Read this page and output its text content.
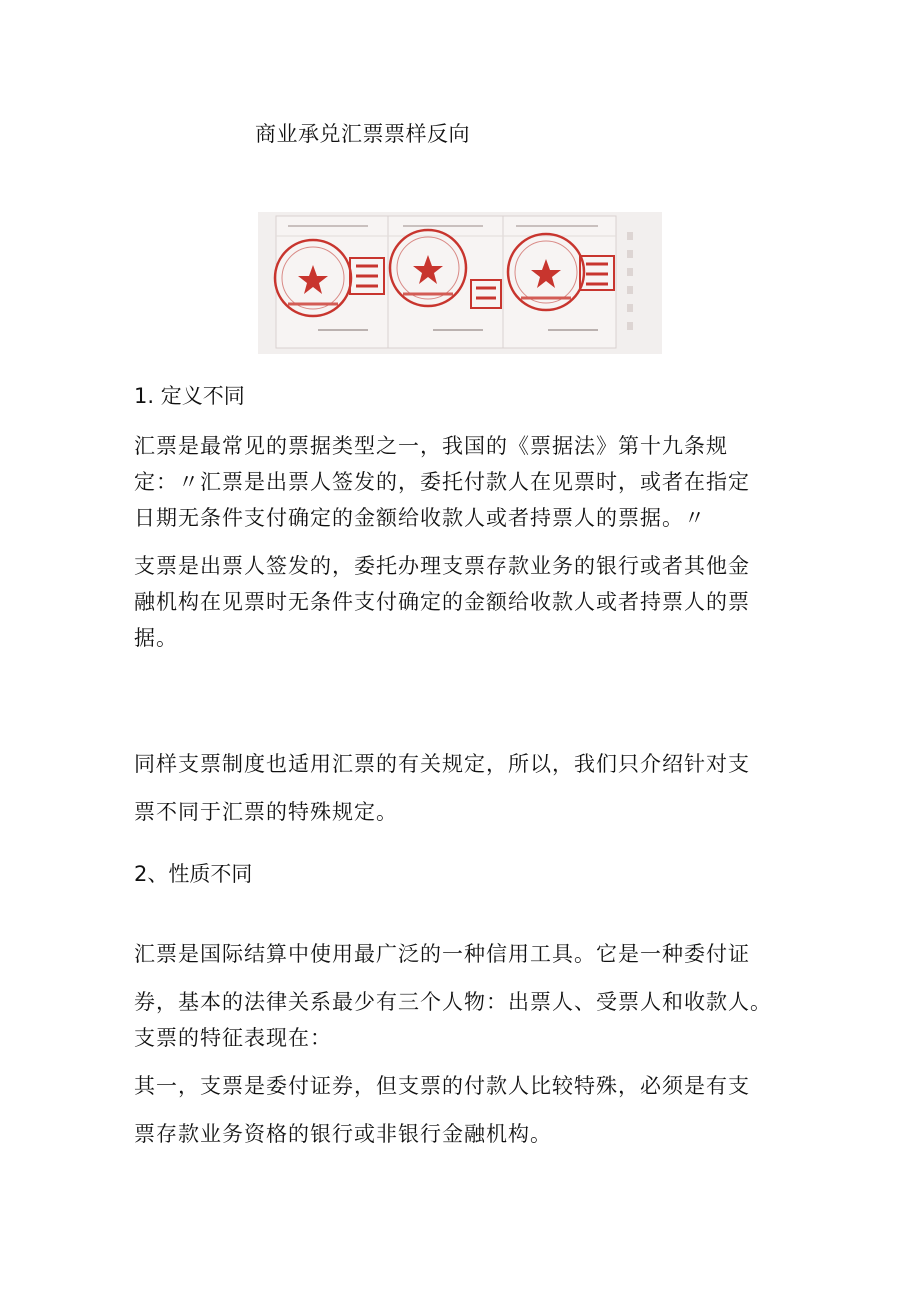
商业承兑汇票票样反向
1. 定义不同
汇票是最常见的票据类型之一，我国的《票据法》第十九条规
定：〃汇票是出票人签发的，委托付款人在见票时，或者在指定
日期无条件支付确定的金额给收款人或者持票人的票据。〃
支票是出票人签发的，委托办理支票存款业务的银行或者其他金
融机构在见票时无条件支付确定的金额给收款人或者持票人的票
据。
同样支票制度也适用汇票的有关规定，所以，我们只介绍针对支
票不同于汇票的特殊规定。
2、性质不同
汇票是国际结算中使用最广泛的一种信用工具。它是一种委付证
券，基本的法律关系最少有三个人物：出票人、受票人和收款人。
支票的特征表现在：
其一，支票是委付证券，但支票的付款人比较特殊，必须是有支
票存款业务资格的银行或非银行金融机构。
